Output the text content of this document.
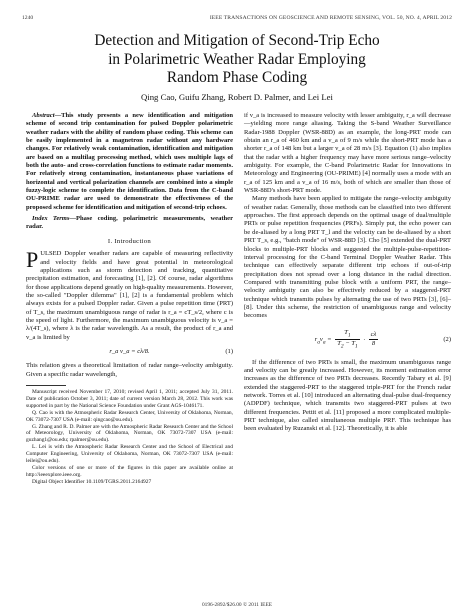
1240	IEEE TRANSACTIONS ON GEOSCIENCE AND REMOTE SENSING, VOL. 50, NO. 4, APRIL 2012
Detection and Mitigation of Second-Trip Echo
in Polarimetric Weather Radar Employing
Random Phase Coding
Qing Cao, Guifu Zhang, Robert D. Palmer, and Lei Lei

Abstract—This study presents a new identification and mitigation scheme of second trip contamination for pulsed Doppler polarimetric weather radars with the ability of random phase coding. This scheme can be easily implemented in a magnetron radar without any hardware changes. For relatively weak contamination, identification and mitigation are based on a multilag processing method, which uses multiple lags of both the auto- and cross-correlation functions to estimate radar moments. For relatively strong contamination, instantaneous phase variations of horizontal and vertical polarization channels are combined into a simple fuzzy-logic scheme to complete the identification. Data from the C-band OU-PRIME radar are used to demonstrate the effectiveness of the proposed scheme for identification and mitigation of second-trip echoes.

Index Terms—Phase coding, polarimetric measurements, weather radar.

I. Introduction

PULSED Doppler weather radars are capable of measuring reflectivity and velocity fields and have great potential in meteorological applications such as storm detection and tracking, quantitative precipitation estimation, and forecasting [1], [2]. Of course, radar algorithms for those applications depend greatly on high-quality measurements. However, the so-called "Doppler dilemma" [1], [2] is a fundamental problem which always exists for a pulsed Doppler radar. Given a pulse repetition time (PRT) of T_s, the maximum unambiguous range of radar is r_a = cT_s/2, where c is the speed of light. Furthermore, the maximum unambiguous velocity is v_a = λ/(4T_s), where λ is the radar wavelength. As a result, the product of r_a and v_a is limited by

r_a v_a = cλ/8.	(1)

This relation gives a theoretical limitation of radar range–velocity ambiguity. Given a specific radar wavelength,

Manuscript received November 17, 2010; revised April 1, 2011; accepted July 31, 2011. Date of publication October 3, 2011; date of current version March 28, 2012. This work was supported in part by the National Science Foundation under Grant AGS-1046171.

Q. Cao is with the Atmospheric Radar Research Center, University of Oklahoma, Norman, OK 73072-7307 USA (e-mail: qingcao@ou.edu).

G. Zhang and R. D. Palmer are with the Atmospheric Radar Research Center and the School of Meteorology, University of Oklahoma, Norman, OK 73072-7307 USA (e-mail: guzhang1@ou.edu; rpalmer@ou.edu).

L. Lei is with the Atmospheric Radar Research Center and the School of Electrical and Computer Engineering, University of Oklahoma, Norman, OK 73072-7307 USA (e-mail: leilei@ou.edu).

Color versions of one or more of the figures in this paper are available online at http://ieeexplore.ieee.org.

Digital Object Identifier 10.1109/TGRS.2011.2164927

if v_a is increased to measure velocity with lesser ambiguity, r_a will decrease—yielding more range aliasing. Taking the S-band Weather Surveillance Radar-1988 Doppler (WSR-88D) as an example, the long-PRT mode can obtain an r_a of 460 km and a v_a of 9 m/s while the short-PRT mode has a shorter r_a of 148 km but a larger v_a of 28 m/s [3]. Equation (1) also implies that the radar with a higher frequency may have more serious range–velocity ambiguity. For example, the C-band Polarimetric Radar for Innovations in Meteorology and Engineering (OU-PRIME) [4] normally uses a mode with an r_a of 125 km and a v_a of 16 m/s, both of which are smaller than those of WSR-88D's short-PRT mode.

Many methods have been applied to mitigate the range–velocity ambiguity of weather radar. Generally, those methods can be classified into two different approaches. The first approach depends on the optimal usage of dual/multiple PRTs or pulse repetition frequencies (PRFs). Simply put, the echo power can be de-aliased by a long PRT T_l and the velocity can be de-aliased by a short PRT T_s, e.g., "batch mode" of WSR-88D [3]. Cho [5] extended the dual-PRT blocks to multiple-PRT blocks and suggested the multiple-pulse-repetition-interval processing for the C-band Terminal Doppler Weather Radar. This technique can effectively separate different trip echoes if out-of-trip precipitation does not spread over a long distance in the radial direction. Compared with transmitting pulse block with a uniform PRT, the range–velocity ambiguity can also be effectively reduced by a staggered-PRT technique which transmits pulses by alternating the use of two PRTs [3], [6]–[8]. Under this scheme, the restriction of unambiguous range and velocity becomes

$r_av_a = \frac{T_1}{T_2 - T_1} \cdot \frac{c\lambda}{8}$	(2)

If the difference of two PRTs is small, the maximum unambiguous range and velocity can be greatly increased. However, its moment estimation error increases as the difference of two PRTs decreases. Recently Tabary et al. [9] extended the staggered-PRT to the staggered triple-PRT for the French radar network. Torres et al. [10] introduced an alternating dual-pulse dual-frequency (ADPDF) technique, which transmits two staggered-PRT pulses at two different frequencies. Pettit et al. [11] proposed a more complicated multiple-PRT technique, also called simultaneous multiple PRF. This technique has been evaluated by Ruzanski et al. [12]. Theoretically, it is able

0196-2892/$26.00 © 2011 IEEE
